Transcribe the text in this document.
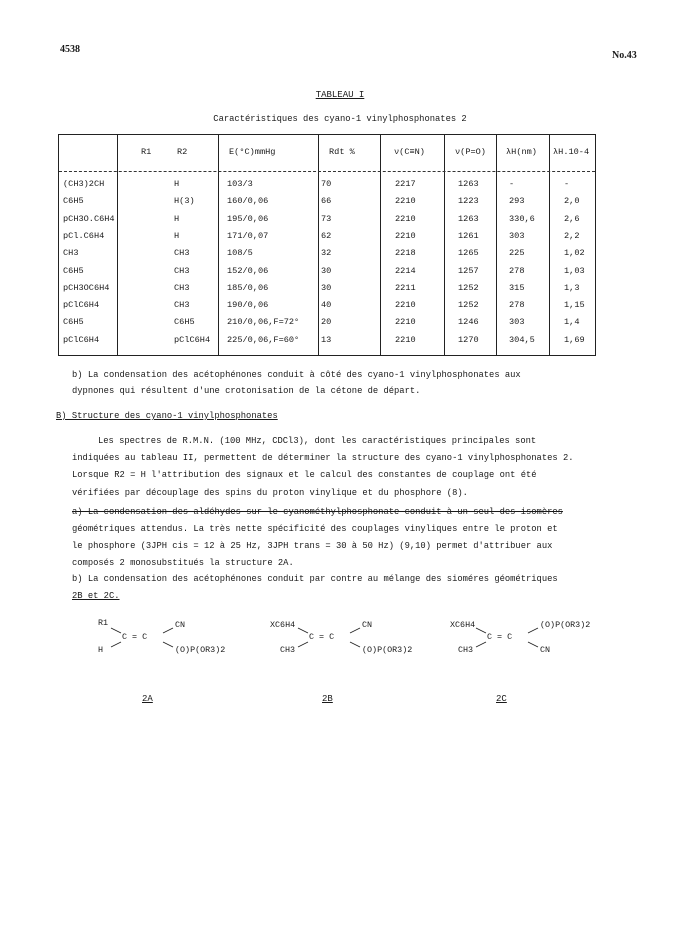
4538
No.43
TABLEAU I
Caractéristiques des cyano-1 vinylphosphonates 2
R1	R2	E(°C)mmHg	Rdt %	ν(C≡N)	ν(P=O) λH(nm) λH.10-4
(CH3)2CH	H	103/3	70	2217	1263	-	-
C6H5	H(3)	160/0,06	66	2210	1223	293	2,0
pCH3O.C6H4	H	195/0,06	73	2210	1263	330,6	2,6
pCl.C6H4	H	171/0,07	62	2210	1261	303	2,2
CH3	CH3	108/5	32	2218	1265	225	1,02
C6H5	CH3	152/0,06	30	2214	1257	278	1,03
pCH3OC6H4	CH3	185/0,06	30	2211	1252	315	1,3
pClC6H4	CH3	190/0,06	40	2210	1252	278	1,15
C6H5	C6H5	210/0,06,F=72°	20	2210	1246	303	1,4
pClC6H4	pClC6H4 225/0,06,F=60°	13	2210	1270	304,5	1,69
b) La condensation des acétophénones conduit à côté des cyano-1 vinylphosphonates aux
dypnones qui résultent d'une crotonisation de la cétone de départ.
B) Structure des cyano-1 vinylphosphonates
Les spectres de R.M.N. (100 MHz, CDCl3), dont les caractéristiques principales sont
indiquées au tableau II, permettent de déterminer la structure des cyano-1 vinylphosphonates 2.
Lorsque R2 = H l'attribution des signaux et le calcul des constantes de couplage ont été
vérifiées par découplage des spins du proton vinylique et du phosphore (8).
a) La condensation des aldéhydes sur le cyanométhylphosphonate conduit à un seul des isomères
géométriques attendus. La très nette spécificité des couplages vinyliques entre le proton et
le phosphore (3JPH cis = 12 à 25 Hz, 3JPH trans = 30 à 50 Hz) (9,10) permet d'attribuer aux
composés 2 monosubstitués la structure 2A.
b) La condensation des acétophénones conduit par contre au mélange des sioméres géométriques
2B et 2C.
R1
H
C = C
CN
(O)P(OR3)2
XC6H4
CH3
C = C
CN
(O)P(OR3)2
XC6H4
CH3
C = C
(O)P(OR3)2
CN
2A	2B	2C
